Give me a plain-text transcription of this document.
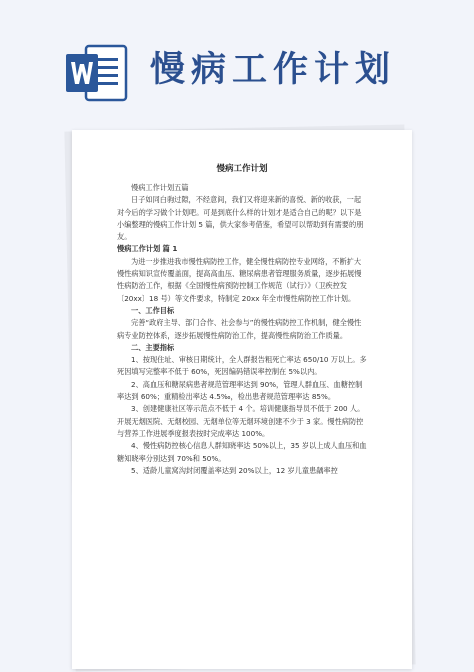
慢病工作计划
慢病工作计划

慢病工作计划五篇

日子如同白驹过隙，不经意间，我们又将迎来新的喜悦、新的收获，一起对今后的学习做个计划吧。可是到底什么样的计划才是适合自己的呢？以下是小编整理的慢病工作计划 5 篇，供大家参考借鉴，希望可以帮助到有需要的朋友。

慢病工作计划 篇 1

为进一步推进我市慢性病防控工作，健全慢性病防控专业网络，不断扩大慢性病知识宣传覆盖面，提高高血压、糖尿病患者管理服务质量，逐步拓展慢性病防治工作，根据《全国慢性病预防控制工作规范（试行）》（卫疾控发〔20xx〕18 号）等文件要求，特制定 20xx 年全市慢性病防控工作计划。

一、工作目标

完善“政府主导、部门合作、社会参与”的慢性病防控工作机制，健全慢性病专业防控体系，逐步拓展慢性病防治工作，提高慢性病防治工作质量。

二、主要指标

1、按现住址、审核日期统计，全人群报告粗死亡率达 650/10 万以上。多死因填写完整率不低于 60%，死因编码错误率控制在 5%以内。

2、高血压和糖尿病患者规范管理率达到 90%，管理人群血压、血糖控制率达到 60%；重精检出率达 4.5‰，检出患者规范管理率达 85%。

3、创建健康社区等示范点不低于 4 个。培训健康指导员不低于 200 人。开展无烟医院、无烟校园、无烟单位等无烟环境创建不少于 3 家。慢性病防控与营养工作进展季度报表按时完成率达 100%。

4、慢性病防控核心信息人群知晓率达 50%以上，35 岁以上成人血压和血糖知晓率分别达到 70%和 50%。

5、适龄儿童窝沟封闭覆盖率达到 20%以上，12 岁儿童患龋率控
